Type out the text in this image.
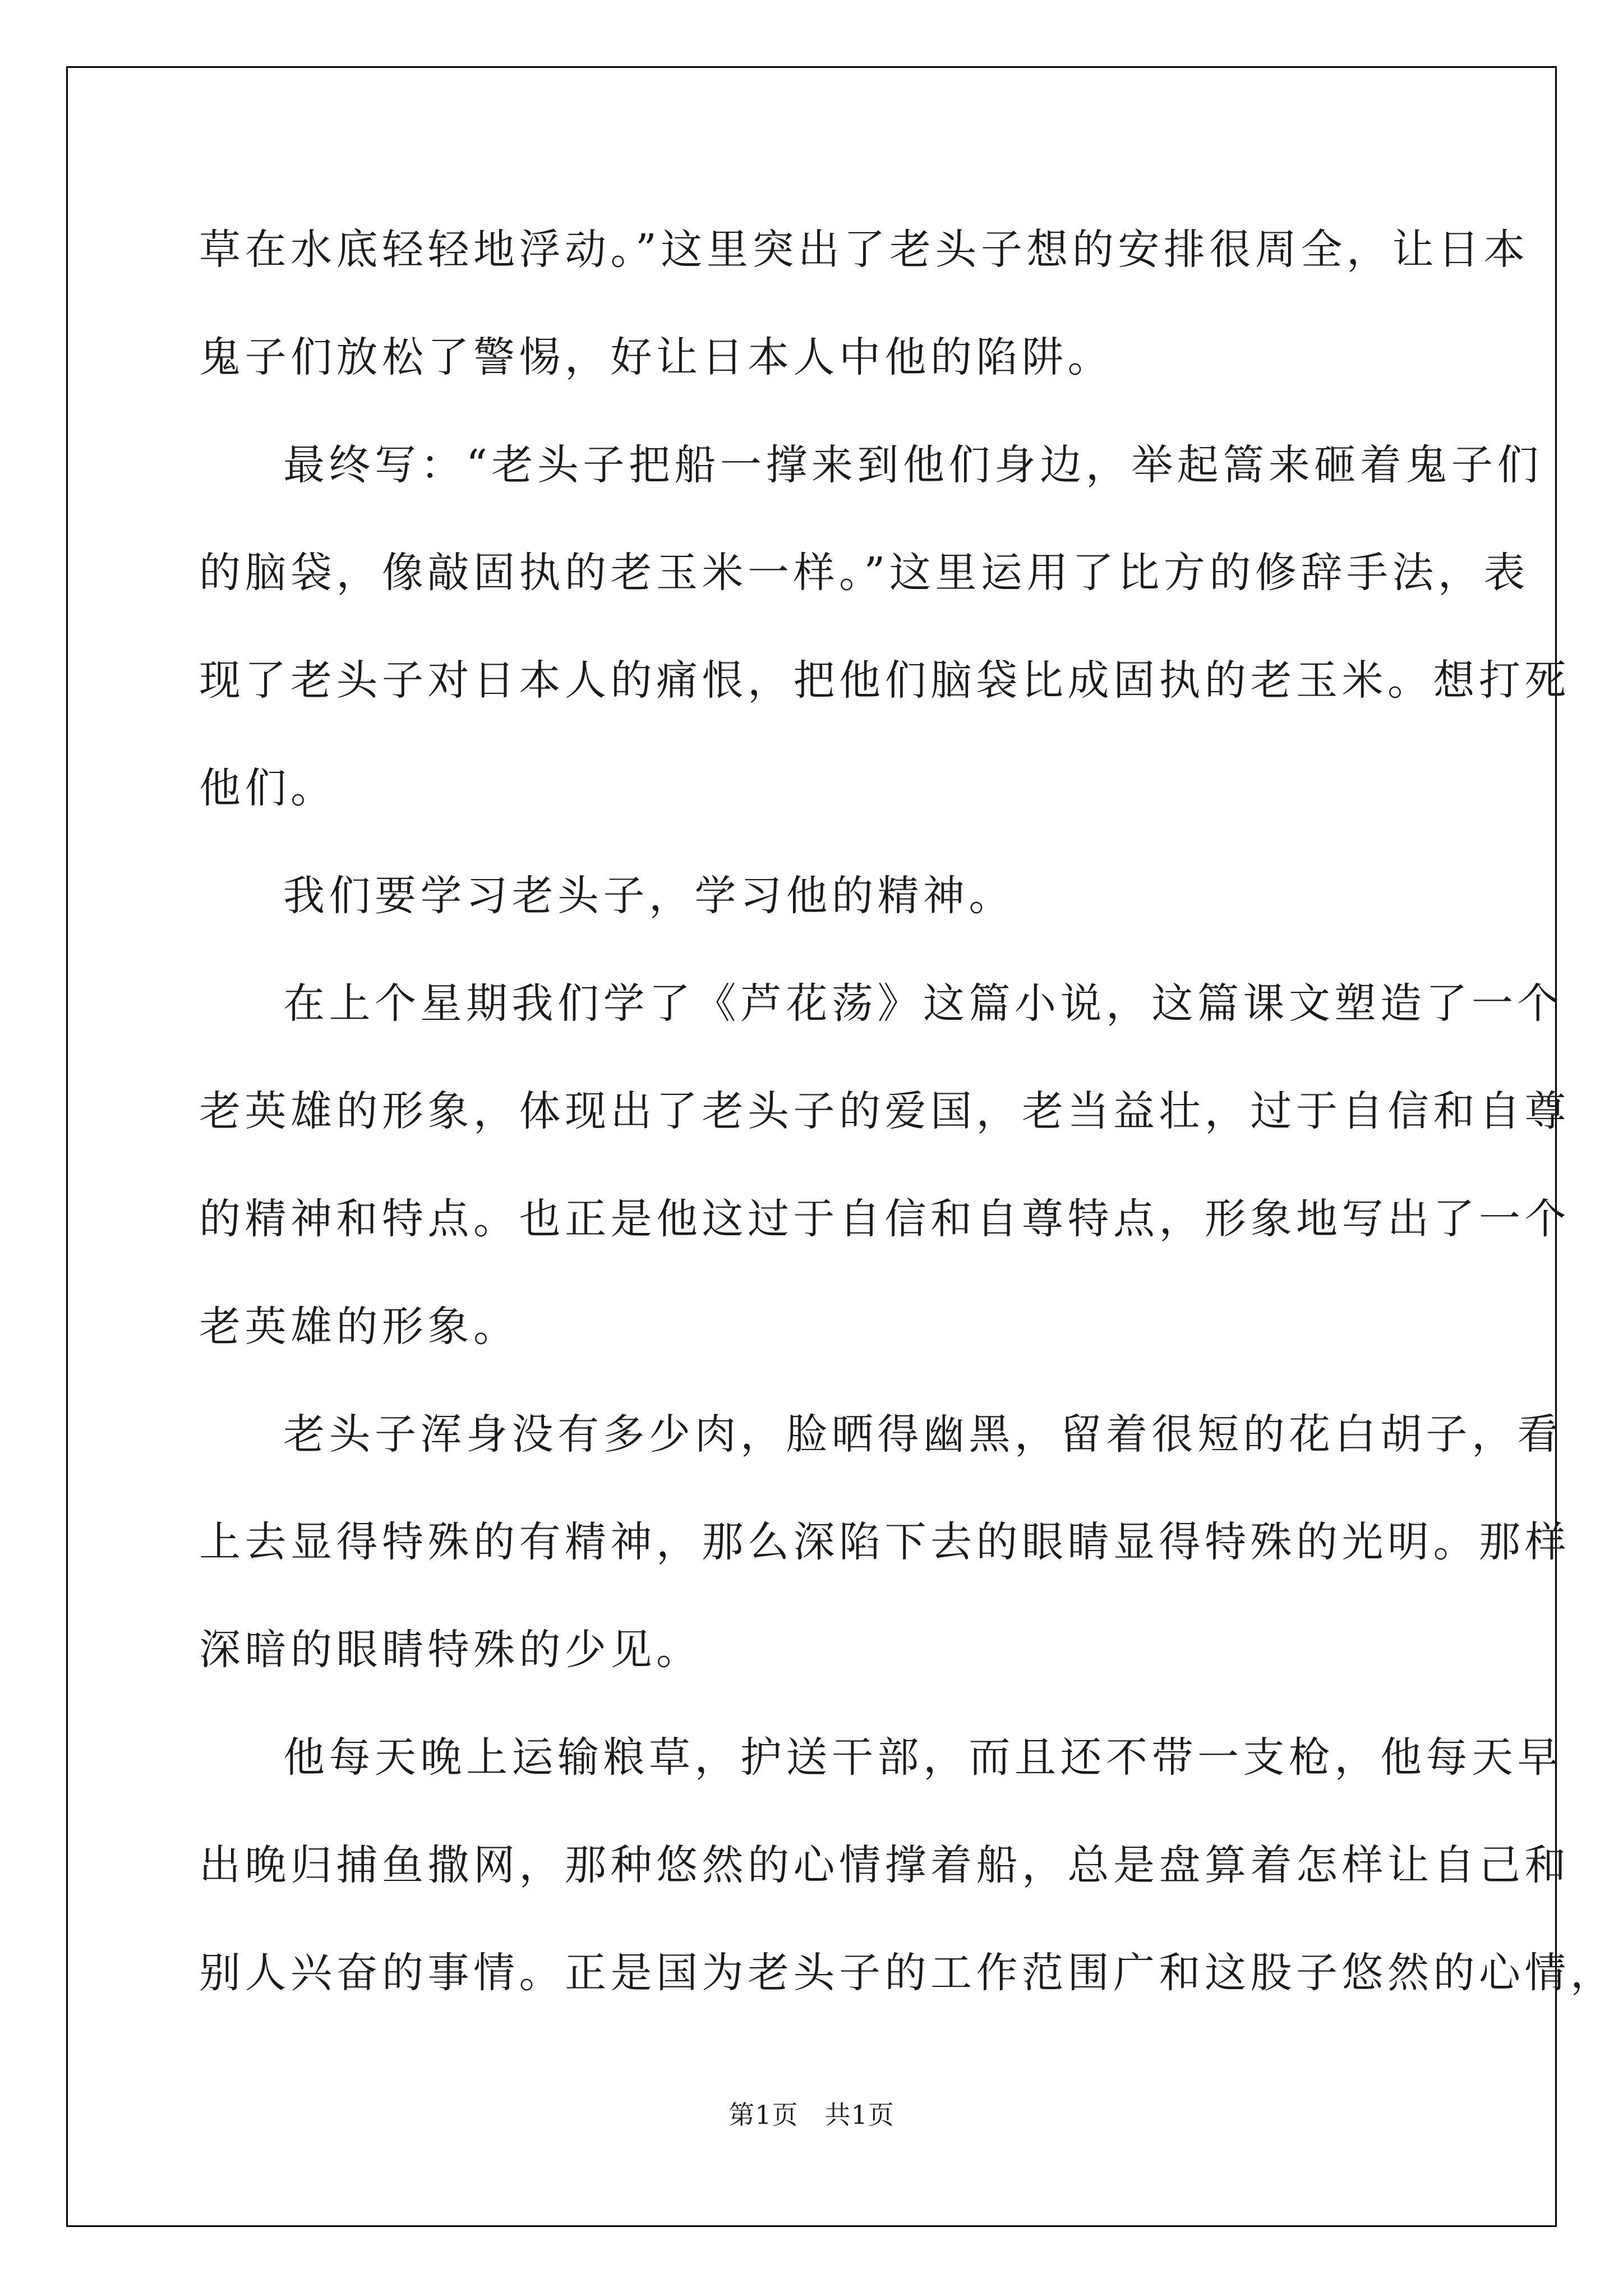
草在水底轻轻地浮动。”这里突出了老头子想的安排很周全，让日本
鬼子们放松了警惕，好让日本人中他的陷阱。
最终写：“老头子把船一撑来到他们身边，举起篙来砸着鬼子们
的脑袋，像敲固执的老玉米一样。”这里运用了比方的修辞手法，表
现了老头子对日本人的痛恨，把他们脑袋比成固执的老玉米。想打死
他们。
我们要学习老头子，学习他的精神。
在上个星期我们学了《芦花荡》这篇小说，这篇课文塑造了一个
老英雄的形象，体现出了老头子的爱国，老当益壮，过于自信和自尊
的精神和特点。也正是他这过于自信和自尊特点，形象地写出了一个
老英雄的形象。
老头子浑身没有多少肉，脸晒得幽黑，留着很短的花白胡子，看
上去显得特殊的有精神，那么深陷下去的眼睛显得特殊的光明。那样
深暗的眼睛特殊的少见。
他每天晚上运输粮草，护送干部，而且还不带一支枪，他每天早
出晚归捕鱼撒网，那种悠然的心情撑着船，总是盘算着怎样让自己和
别人兴奋的事情。正是国为老头子的工作范围广和这股子悠然的心情，
第1页　共1页
